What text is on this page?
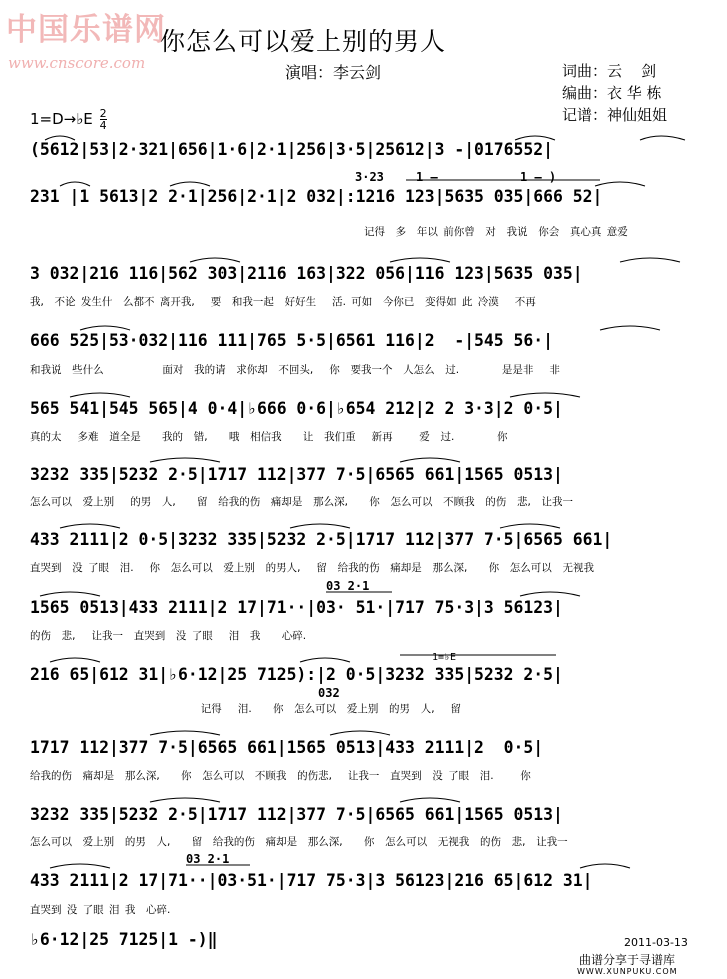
中国乐谱网
www.cnscore.com
你怎么可以爱上别的男人
演唱：李云剑	词曲：云    剑
编曲：衣 华 栋
记谱：神仙姐姐
1=D→♭E $\frac{2}{4}$
3·23	1 —	1 — )
03 2·1
032
1=♭E
03 2·1
(5612|53|2·321|656|1·6|2·1|256|3·5|25612|3 -|0176552|
231 |1 5613|2 2·1|256|2·1|2 032|:1216 123|5635 035|666 52|
记得  多  年以 前你曾  对  我说  你会  真心真 意爱
3 032|216 116|562 303|2116 163|322 056|116 123|5635 035|
我,  不论 发生什  么都不 离开我,   要  和我一起  好好生   活. 可如  今你已  变得如 此 冷漠   不再
666 525|53·032|116 111|765 5·5|6561 116|2  -|545 56·|
和我说  些什么           面对  我的请  求你却  不回头,   你  要我一个  人怎么  过.        是是非   非
565 541|545 565|4 0·4|♭666 0·6|♭654 212|2 2 3·3|2 0·5|
真的太   多难  道全是    我的  错,    哦  相信我    让  我们重   新再     爱  过.        你
3232 335|5232 2·5|1717 112|377 7·5|6565 661|1565 0513|
怎么可以  爱上别   的男  人,    留  给我的伤  痛却是  那么深,    你  怎么可以  不顾我  的伤  悲,  让我一
433 2111|2 0·5|3232 335|5232 2·5|1717 112|377 7·5|6565 661|
直哭到  没 了眼  泪.   你  怎么可以  爱上别  的男人,   留  给我的伤  痛却是  那么深,    你  怎么可以  无视我
1565 0513|433 2111|2 17|71··|03· 51·|717 75·3|3 56123|
的伤  悲,   让我一  直哭到  没 了眼   泪  我    心碎.
216 65|612 31|♭6·12|25 7125):|2 0·5|3232 335|5232 2·5|
记得   泪.    你  怎么可以  爱上别  的男  人,   留
1717 112|377 7·5|6565 661|1565 0513|433 2111|2  0·5|
给我的伤  痛却是  那么深,    你  怎么可以  不顾我  的伤悲,   让我一  直哭到  没 了眼  泪.     你
3232 335|5232 2·5|1717 112|377 7·5|6565 661|1565 0513|
怎么可以  爱上别  的男  人,    留  给我的伤  痛却是  那么深,    你  怎么可以  无视我  的伤  悲,  让我一
433 2111|2 17|71··|03·51·|717 75·3|3 56123|216 65|612 31|
直哭到 没 了眼 泪 我  心碎.
♭6·12|25 7125|1 -)‖	2011-03-13
曲谱分享于寻谱库
WWW.XUNPUKU.COM
